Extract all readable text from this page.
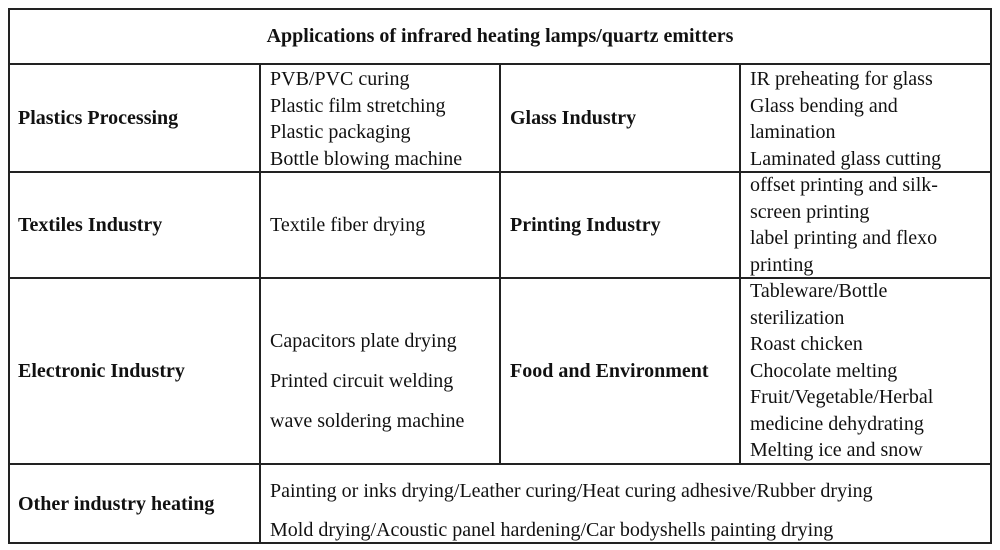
Applications of infrared heating lamps/quartz emitters
Plastics Processing
PVB/PVC curing
Plastic film stretching
Plastic packaging
Bottle blowing machine
Glass Industry
IR preheating for glass
Glass bending and
lamination
Laminated glass cutting
Textiles Industry	Textile fiber drying	Printing Industry
offset printing and silk-
screen printing
label printing and flexo
printing
Electronic Industry
Capacitors plate drying
Printed circuit welding
wave soldering machine
Food and Environment
Tableware/Bottle
sterilization
Roast chicken
Chocolate melting
Fruit/Vegetable/Herbal
medicine dehydrating
Melting ice and snow
Other industry heating
Painting or inks drying/Leather curing/Heat curing adhesive/Rubber drying
Mold drying/Acoustic panel hardening/Car bodyshells painting drying
